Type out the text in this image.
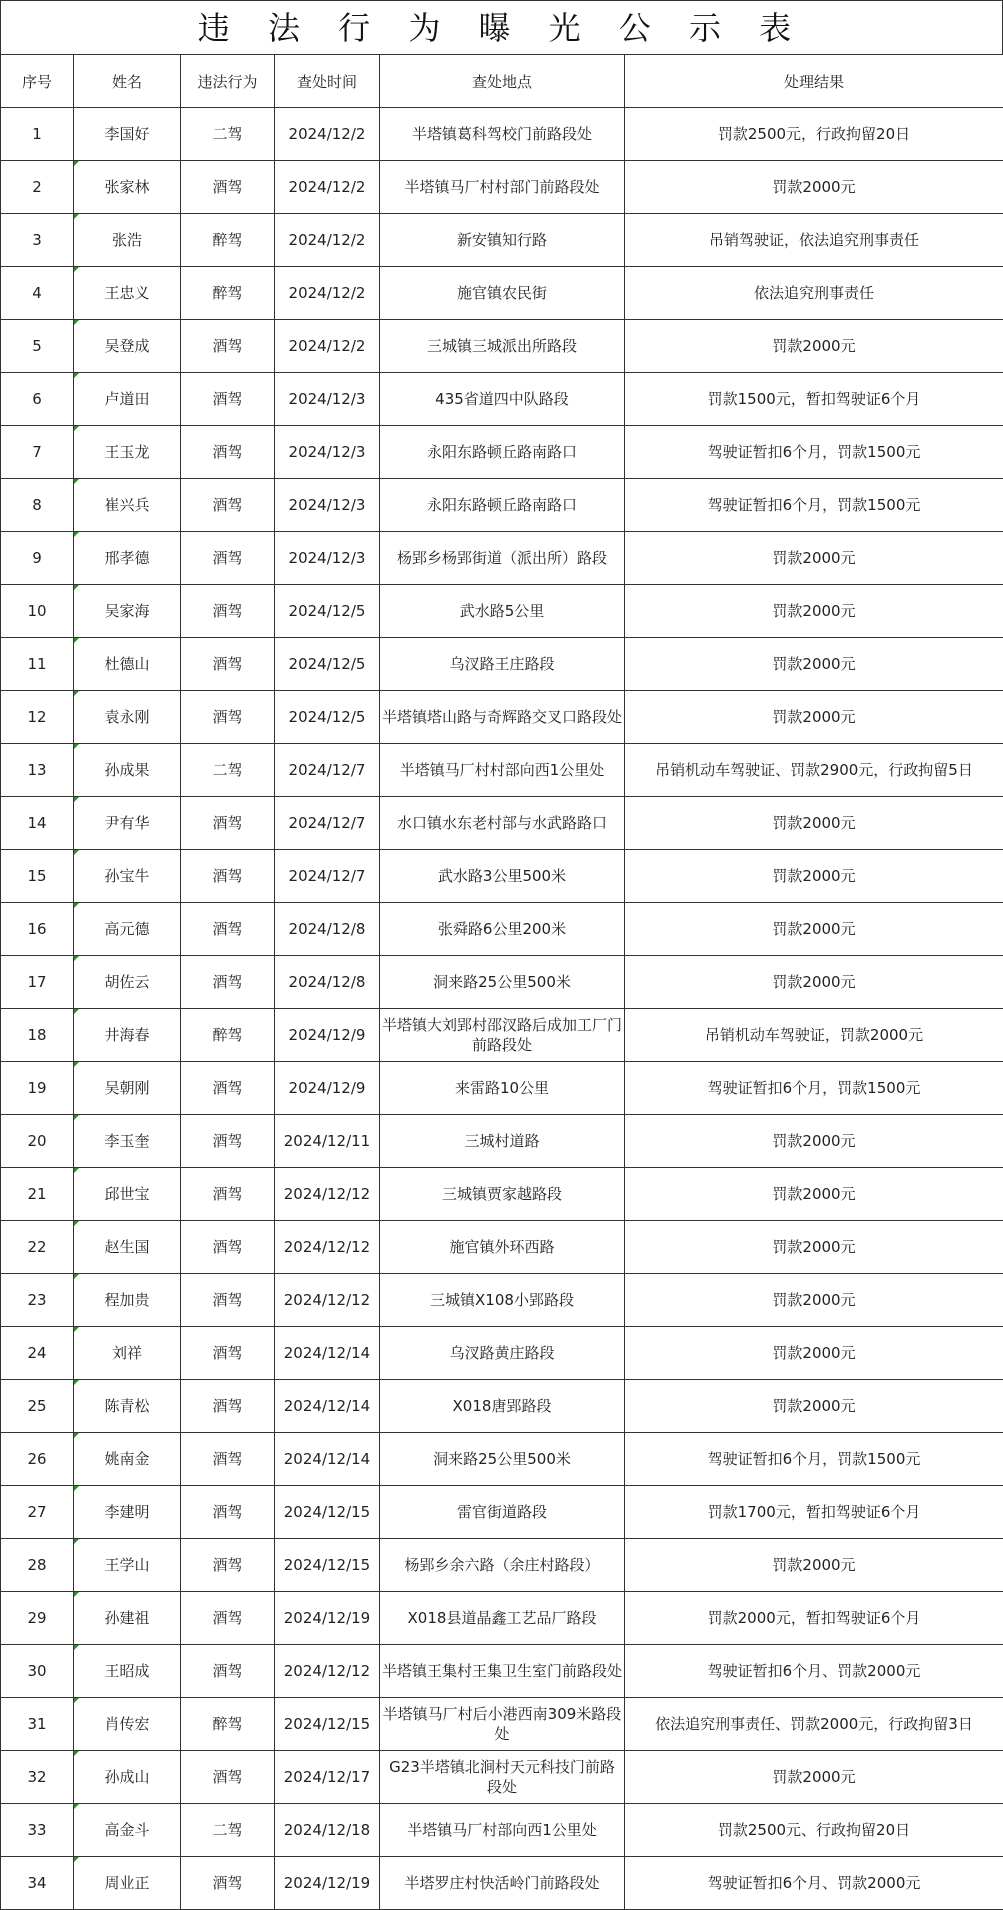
违 法 行 为 曝 光 公 示 表
序号	姓名	违法行为	查处时间	查处地点	处理结果
1	李国好	二驾	2024/12/2	半塔镇葛科驾校门前路段处	罚款2500元，行政拘留20日
2	张家林	酒驾	2024/12/2	半塔镇马厂村村部门前路段处	罚款2000元
3	张浩	醉驾	2024/12/2	新安镇知行路	吊销驾驶证，依法追究刑事责任
4	王忠义	醉驾	2024/12/2	施官镇农民街	依法追究刑事责任
5	吴登成	酒驾	2024/12/2	三城镇三城派出所路段	罚款2000元
6	卢道田	酒驾	2024/12/3	435省道四中队路段	罚款1500元，暂扣驾驶证6个月
7	王玉龙	酒驾	2024/12/3	永阳东路顿丘路南路口	驾驶证暂扣6个月，罚款1500元
8	崔兴兵	酒驾	2024/12/3	永阳东路顿丘路南路口	驾驶证暂扣6个月，罚款1500元
9	邢孝德	酒驾	2024/12/3	杨郢乡杨郢街道（派出所）路段	罚款2000元
10	吴家海	酒驾	2024/12/5	武水路5公里	罚款2000元
11	杜德山	酒驾	2024/12/5	乌汊路王庄路段	罚款2000元
12	袁永刚	酒驾	2024/12/5	半塔镇塔山路与奇辉路交叉口路段处	罚款2000元
13	孙成果	二驾	2024/12/7	半塔镇马厂村村部向西1公里处	吊销机动车驾驶证、罚款2900元，行政拘留5日
14	尹有华	酒驾	2024/12/7	水口镇水东老村部与水武路路口	罚款2000元
15	孙宝牛	酒驾	2024/12/7	武水路3公里500米	罚款2000元
16	高元德	酒驾	2024/12/8	张舜路6公里200米	罚款2000元
17	胡佐云	酒驾	2024/12/8	洞来路25公里500米	罚款2000元
18	井海春	醉驾	2024/12/9	半塔镇大刘郢村邵汊路后成加工厂门前路段处	吊销机动车驾驶证，罚款2000元
19	吴朝刚	酒驾	2024/12/9	来雷路10公里	驾驶证暂扣6个月，罚款1500元
20	李玉奎	酒驾	2024/12/11	三城村道路	罚款2000元
21	邱世宝	酒驾	2024/12/12	三城镇贾家越路段	罚款2000元
22	赵生国	酒驾	2024/12/12	施官镇外环西路	罚款2000元
23	程加贵	酒驾	2024/12/12	三城镇X108小郢路段	罚款2000元
24	刘祥	酒驾	2024/12/14	乌汊路黄庄路段	罚款2000元
25	陈青松	酒驾	2024/12/14	X018唐郢路段	罚款2000元
26	姚南金	酒驾	2024/12/14	洞来路25公里500米	驾驶证暂扣6个月，罚款1500元
27	李建明	酒驾	2024/12/15	雷官街道路段	罚款1700元，暂扣驾驶证6个月
28	王学山	酒驾	2024/12/15	杨郢乡余六路（余庄村路段）	罚款2000元
29	孙建祖	酒驾	2024/12/19	X018县道晶鑫工艺品厂路段	罚款2000元，暂扣驾驶证6个月
30	王昭成	酒驾	2024/12/12	半塔镇王集村王集卫生室门前路段处	驾驶证暂扣6个月、罚款2000元
31	肖传宏	醉驾	2024/12/15	半塔镇马厂村后小港西南309米路段处	依法追究刑事责任、罚款2000元，行政拘留3日
32	孙成山	酒驾	2024/12/17	G23半塔镇北涧村天元科技门前路段处	罚款2000元
33	高金斗	二驾	2024/12/18	半塔镇马厂村部向西1公里处	罚款2500元、行政拘留20日
34	周业正	酒驾	2024/12/19	半塔罗庄村快活岭门前路段处	驾驶证暂扣6个月、罚款2000元
